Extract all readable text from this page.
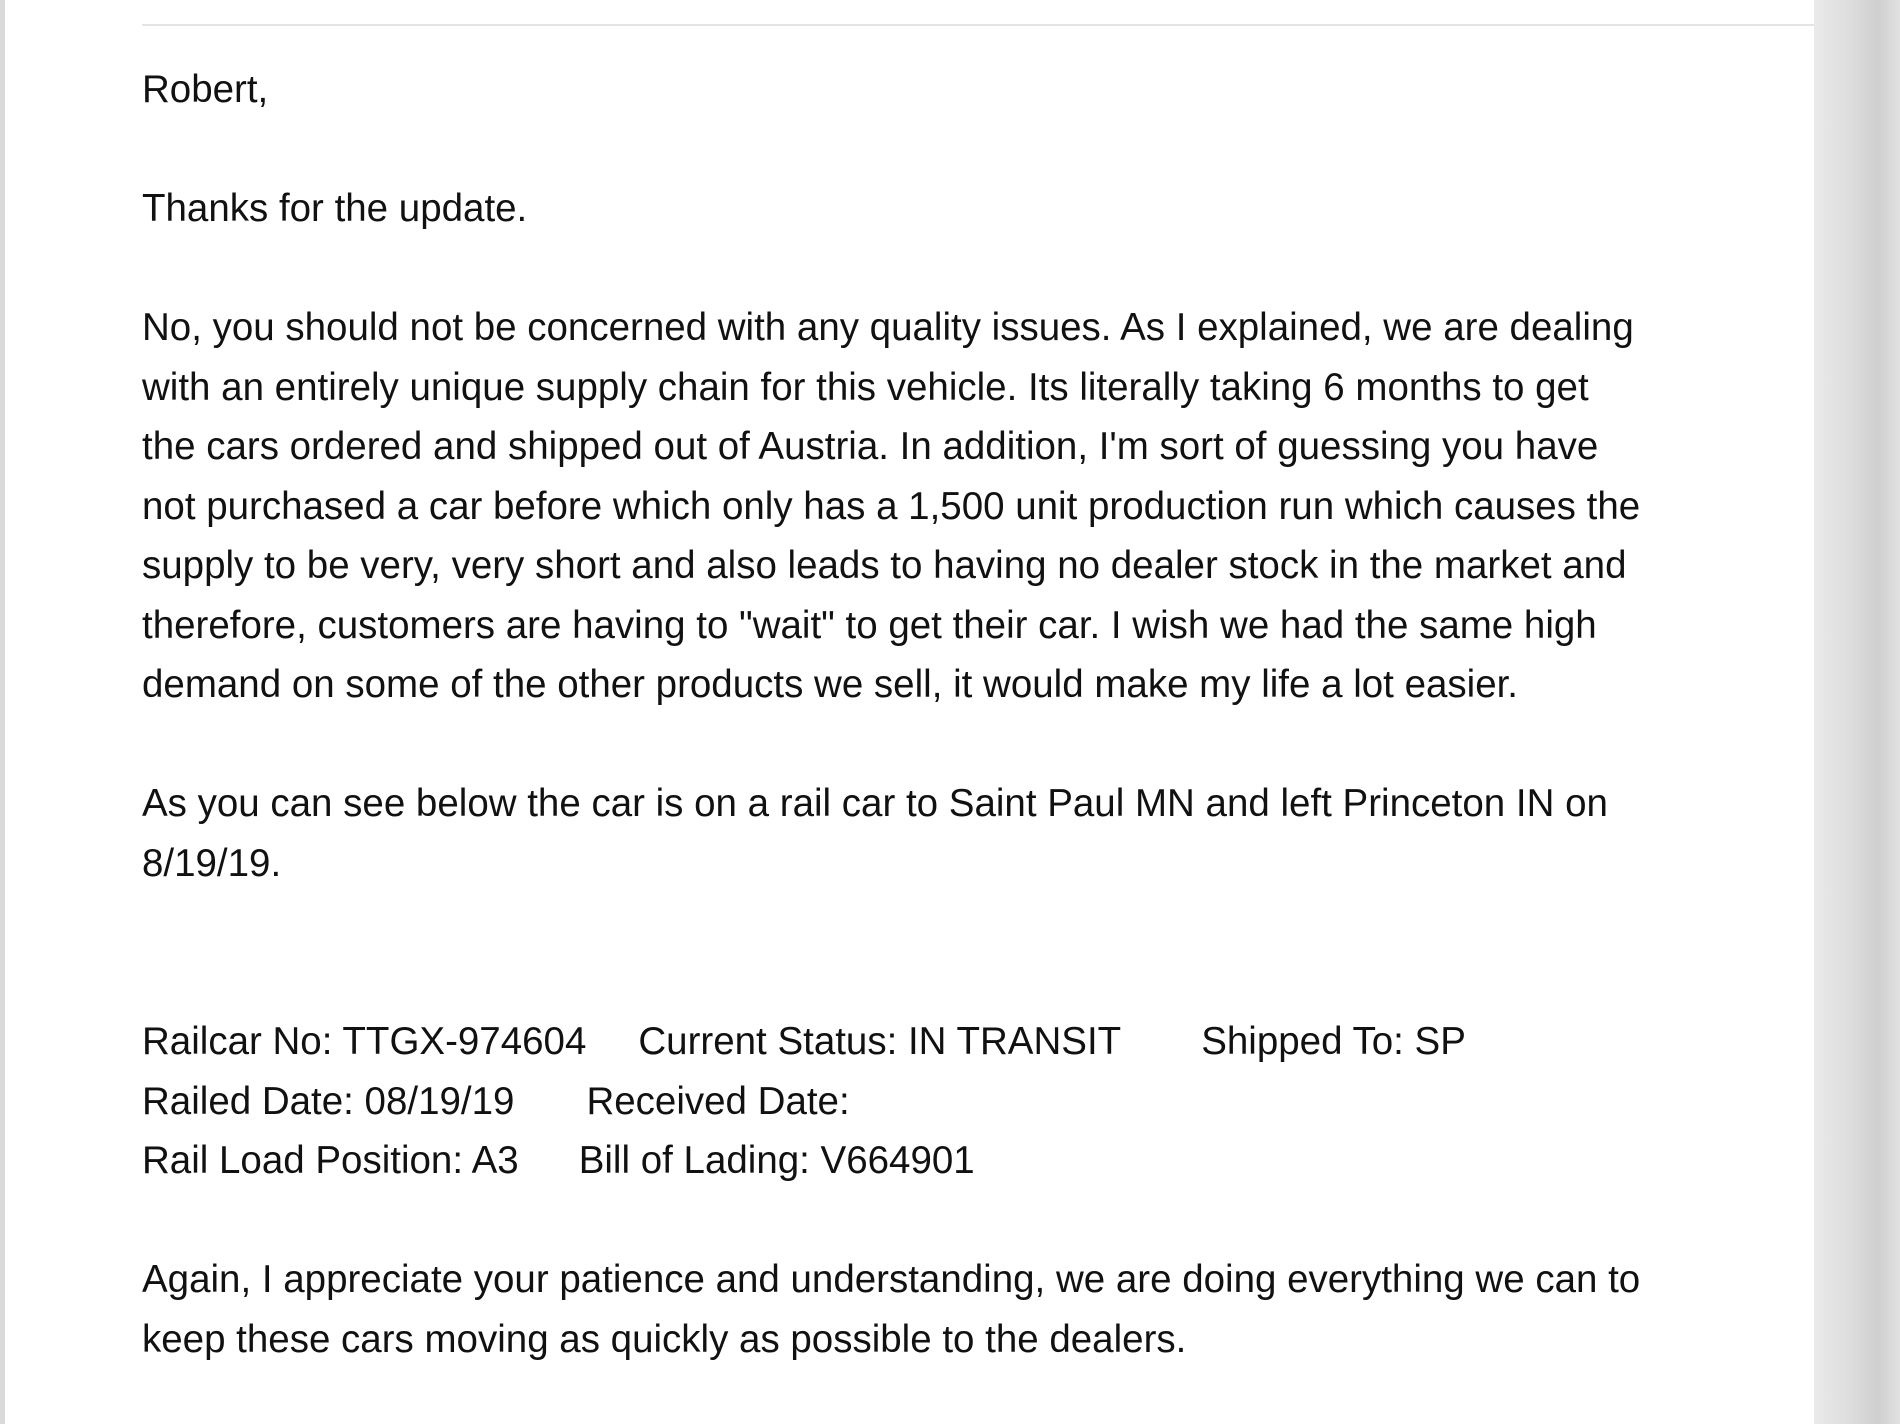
Robert,

Thanks for the update.

No, you should not be concerned with any quality issues. As I explained, we are dealing

with an entirely unique supply chain for this vehicle. Its literally taking 6 months to get

the cars ordered and shipped out of Austria. In addition, I'm sort of guessing you have

not purchased a car before which only has a 1,500 unit production run which causes the

supply to be very, very short and also leads to having no dealer stock in the market and

therefore, customers are having to "wait" to get their car. I wish we had the same high

demand on some of the other products we sell, it would make my life a lot easier.

As you can see below the car is on a rail car to Saint Paul MN and left Princeton IN on

8/19/19.

Railcar No: TTGX-974604 Current Status: IN TRANSIT Shipped To: SP
Railed Date: 08/19/19 Received Date:
Rail Load Position: A3 Bill of Lading: V664901

Again, I appreciate your patience and understanding, we are doing everything we can to

keep these cars moving as quickly as possible to the dealers.
